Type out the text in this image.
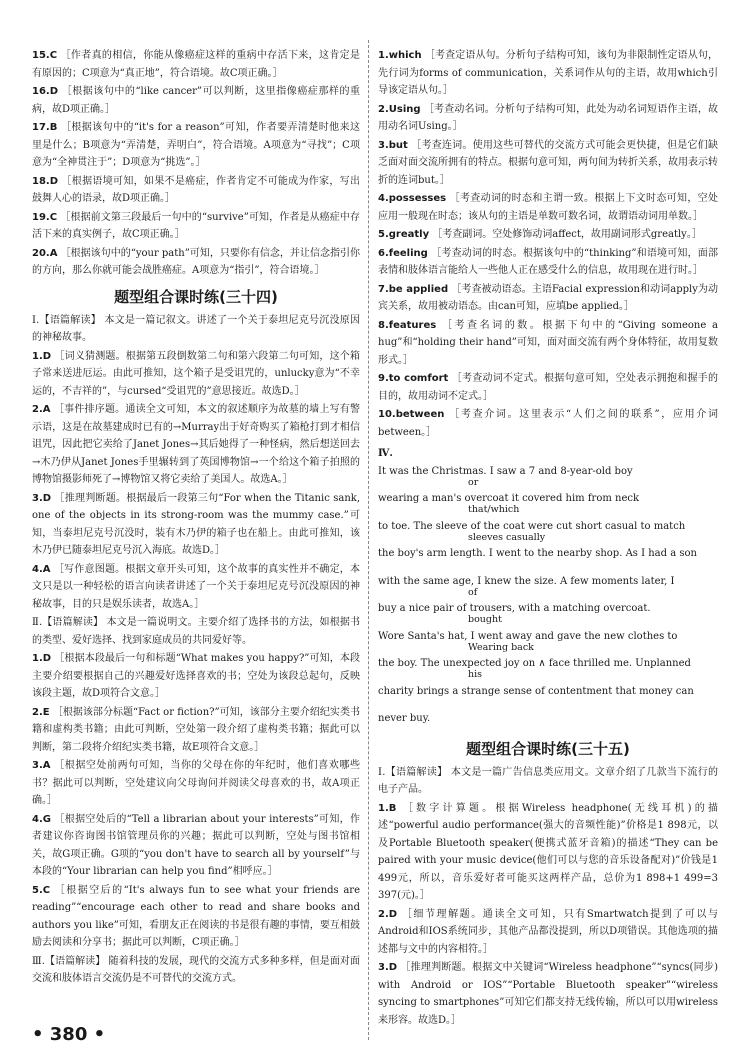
15.C ［作者真的相信，你能从像癌症这样的重病中存活下来，这肯定是有原因的；C项意为“真正地”，符合语境。故C项正确。］
16.D ［根据该句中的“like cancer”可以判断，这里指像癌症那样的重病，故D项正确。］
17.B ［根据该句中的“it's for a reason”可知，作者要弄清楚时他来这里是什么；B项意为“弄清楚，弄明白”，符合语境。A项意为“寻找”；C项意为“全神贯注于”；D项意为“挑选”。］
18.D ［根据语境可知，如果不是癌症，作者肯定不可能成为作家，写出鼓舞人心的语录，故D项正确。］
19.C ［根据前文第三段最后一句中的“survive”可知，作者是从癌症中存活下来的真实例子，故C项正确。］
20.A ［根据该句中的“your path”可知，只要你有信念，并让信念指引你的方向，那么你就可能会战胜癌症。A项意为“指引”，符合语境。］
题型组合课时练(三十四)
Ⅰ.【语篇解读】 本文是一篇记叙文。讲述了一个关于泰坦尼克号沉没原因的神秘故事。
1.D ［词义猜测题。根据第五段倒数第二句和第六段第二句可知，这个箱子常来送进厄运。由此可推知，这个箱子是受诅咒的，unlucky意为“不幸运的，不吉祥的”，与cursed“受诅咒的”意思接近。故选D。］
2.A ［事件排序题。通读全文可知，本文的叙述顺序为故墓的墙上写有警示语，这是在故墓建成时已有的→Murray出于好奇购买了箱枪打到才相信诅咒，因此把它卖给了Janet Jones→其后她得了一种怪病，然后想送回去→木乃伊从Janet Jones手里辗转到了英国博物馆→一个给这个箱子拍照的博物馆摄影师死了→博物馆又将它卖给了美国人。故选A。］
3.D ［推理判断题。根据最后一段第三句“For when the Titanic sank, one of the objects in its strong-room was the mummy case.”可知，当泰坦尼克号沉没时，装有木乃伊的箱子也在船上。由此可推知，该木乃伊已随泰坦尼克号沉入海底。故选D。］
4.A ［写作意图题。根据文章开头可知，这个故事的真实性并不确定，本文只是以一种轻松的语言向读者讲述了一个关于泰坦尼克号沉没原因的神秘故事，目的只是娱乐读者，故选A。］
Ⅱ.【语篇解读】 本文是一篇说明文。主要介绍了选择书的方法，如根据书的类型、爱好选择、找到家庭成员的共同爱好等。
1.D ［根据本段最后一句和标题“What makes you happy?”可知，本段主要介绍要根据自己的兴趣爱好选择喜欢的书；空处为该段总起句，反映该段主题，故D项符合文意。］
2.E ［根据该部分标题“Fact or fiction?”可知，该部分主要介绍纪实类书籍和虚构类书籍；由此可判断，空处第一段介绍了虚构类书籍；据此可以判断，第二段将介绍纪实类书籍，故E项符合文意。］
3.A ［根据空处前两句可知，当你的父母在你的年纪时，他们喜欢哪些书？据此可以判断，空处建议向父母询问并阅读父母喜欢的书，故A项正确。］
4.G ［根据空处后的“Tell a librarian about your interests”可知，作者建议你咨询图书馆管理员你的兴趣；据此可以判断，空处与图书馆相关，故G项正确。G项的“you don't have to search all by yourself”与本段的“Your librarian can help you find”相呼应。］
5.C ［根据空后的“It's always fun to see what your friends are reading”“encourage each other to read and share books and authors you like”可知，看朋友正在阅读的书是很有趣的事情，要互相鼓励去阅读和分享书；据此可以判断，C项正确。］
Ⅲ.【语篇解读】 随着科技的发展，现代的交流方式多种多样，但是面对面交流和肢体语言交流仍是不可替代的交流方式。
1.which ［考查定语从句。分析句子结构可知，该句为非限制性定语从句，先行词为forms of communication，关系词作从句的主语，故用which引导该定语从句。］
2.Using ［考查动名词。分析句子结构可知，此处为动名词短语作主语，故用动名词Using。］
3.but ［考查连词。使用这些可替代的交流方式可能会更快捷，但是它们缺乏面对面交流所拥有的特点。根据句意可知，两句间为转折关系，故用表示转折的连词but。］
4.possesses ［考查动词的时态和主谓一致。根据上下文时态可知，空处应用一般现在时态；该从句的主语是单数可数名词，故谓语动词用单数。］
5.greatly ［考查副词。空处修饰动词affect，故用副词形式greatly。］
6.feeling ［考查动词的时态。根据该句中的“thinking”和语境可知，面部表情和肢体语言能给人一些他人正在感受什么的信息，故用现在进行时。］
7.be applied ［考查被动语态。主语Facial expression和动词apply为动宾关系，故用被动语态。由can可知，应填be applied。］
8.features ［考查名词的数。根据下句中的“Giving someone a hug”和“holding their hand”可知，面对面交流有两个身体特征，故用复数形式。］
9.to comfort ［考查动词不定式。根据句意可知，空处表示拥抱和握手的目的，故用动词不定式。］
10.between ［考查介词。这里表示“人们之间的联系”，应用介词between。］
Ⅳ.
It was the Christmas. I saw a 7 and 8-year-old boy
or
wearing a man's overcoat it covered him from neck
that/which
to toe. The sleeve of the coat were cut short casual to match
sleeves casually
the boy's arm length. I went to the nearby shop. As I had a son
with the same age, I knew the size. A few moments later, I
of
buy a nice pair of trousers, with a matching overcoat.
bought
Wore Santa's hat, I went away and gave the new clothes to
Wearing back
the boy. The unexpected joy on ∧ face thrilled me. Unplanned
his
charity brings a strange sense of contentment that money can
never buy.
题型组合课时练(三十五)
Ⅰ.【语篇解读】 本文是一篇广告信息类应用文。文章介绍了几款当下流行的电子产品。
1.B ［数字计算题。根据Wireless headphone(无线耳机)的描述“powerful audio performance(强大的音频性能)”价格是1 898元，以及Portable Bluetooth speaker(便携式蓝牙音箱)的描述“They can be paired with your music device(他们可以与您的音乐设备配对)”价钱是1 499元，所以，音乐爱好者可能买这两样产品，总价为1 898+1 499=3 397(元)。］
2.D ［细节理解题。通读全文可知，只有Smartwatch提到了可以与Android和IOS系统同步，其他产品都没提到，所以D项错误。其他选项的描述都与文中的内容相符。］
3.D ［推理判断题。根据文中关键词“Wireless headphone”“syncs(同步) with Android or IOS”“Portable Bluetooth speaker”“wireless syncing to smartphones”可知它们都支持无线传输，所以可以用wireless来形容。故选D。］
• 380 •
